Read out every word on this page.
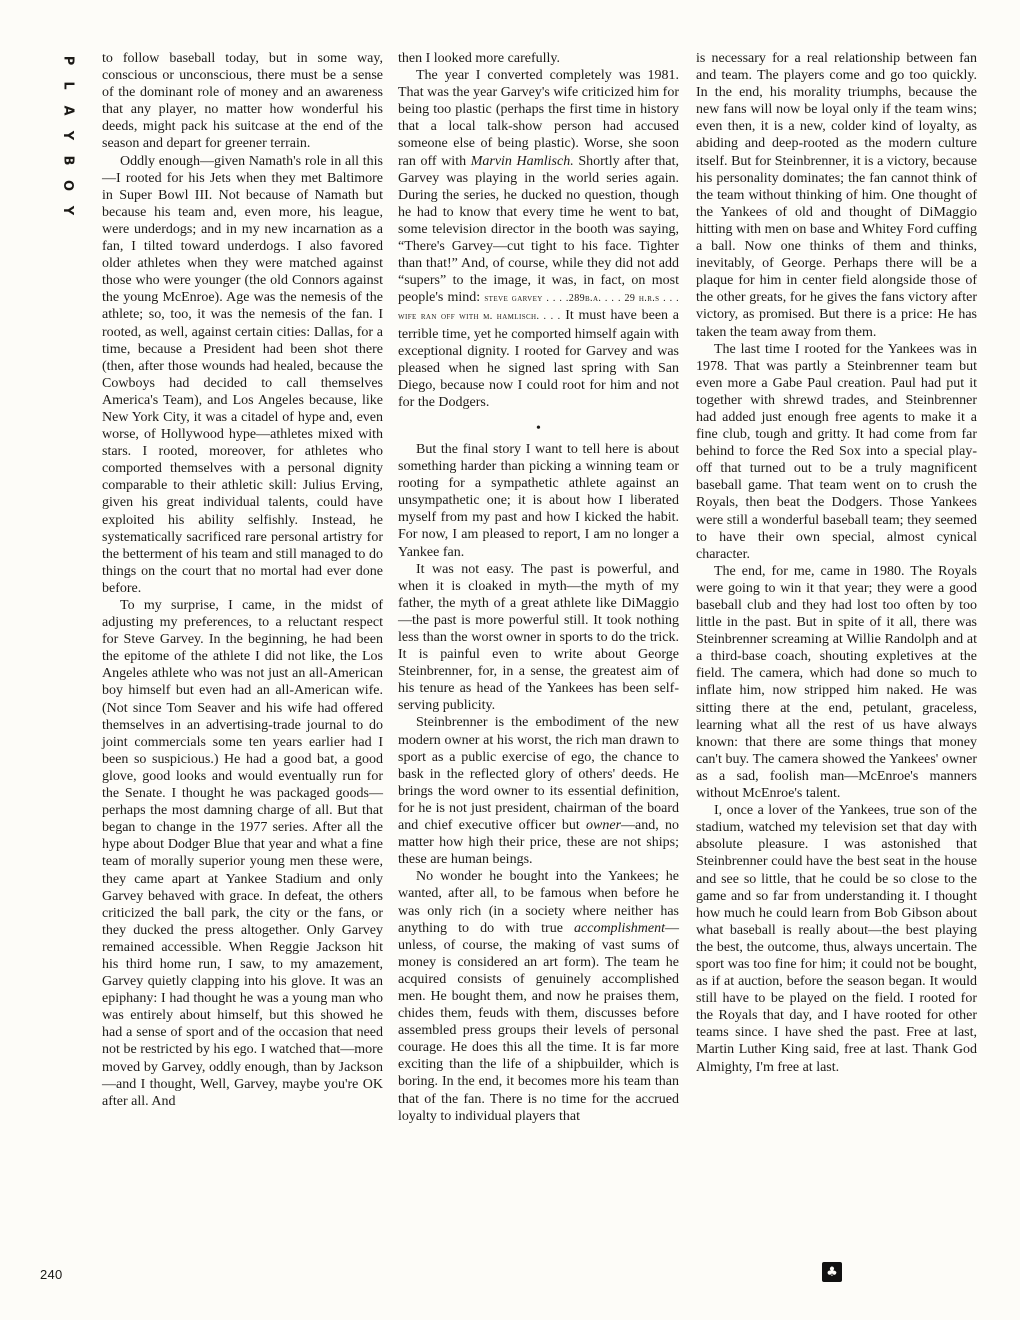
P
L
A
Y
B
O
Y

to follow baseball today, but in some way, conscious or unconscious, there must be a sense of the dominant role of money and an awareness that any player, no matter how wonderful his deeds, might pack his suitcase at the end of the season and depart for greener terrain.

Oddly enough—given Namath's role in all this—I rooted for his Jets when they met Baltimore in Super Bowl III. Not because of Namath but because his team and, even more, his league, were underdogs; and in my new incarnation as a fan, I tilted toward underdogs. I also favored older athletes when they were matched against those who were younger (the old Connors against the young McEnroe). Age was the nemesis of the athlete; so, too, it was the nemesis of the fan. I rooted, as well, against certain cities: Dallas, for a time, because a President had been shot there (then, after those wounds had healed, because the Cowboys had decided to call themselves America's Team), and Los Angeles because, like New York City, it was a citadel of hype and, even worse, of Hollywood hype—athletes mixed with stars. I rooted, moreover, for athletes who comported themselves with a personal dignity comparable to their athletic skill: Julius Erving, given his great individual talents, could have exploited his ability selfishly. Instead, he systematically sacrificed rare personal artistry for the betterment of his team and still managed to do things on the court that no mortal had ever done before.

To my surprise, I came, in the midst of adjusting my preferences, to a reluctant respect for Steve Garvey. In the beginning, he had been the epitome of the athlete I did not like, the Los Angeles athlete who was not just an all-American boy himself but even had an all-American wife. (Not since Tom Seaver and his wife had offered themselves in an advertising-trade journal to do joint commercials some ten years earlier had I been so suspicious.) He had a good bat, a good glove, good looks and would eventually run for the Senate. I thought he was packaged goods—perhaps the most damning charge of all. But that began to change in the 1977 series. After all the hype about Dodger Blue that year and what a fine team of morally superior young men these were, they came apart at Yankee Stadium and only Garvey behaved with grace. In defeat, the others criticized the ball park, the city or the fans, or they ducked the press altogether. Only Garvey remained accessible. When Reggie Jackson hit his third home run, I saw, to my amazement, Garvey quietly clapping into his glove. It was an epiphany: I had thought he was a young man who was entirely about himself, but this showed he had a sense of sport and of the occasion that need not be restricted by his ego. I watched that—more moved by Garvey, oddly enough, than by Jackson—and I thought, Well, Garvey, maybe you're OK after all. And

then I looked more carefully.

The year I converted completely was 1981. That was the year Garvey's wife criticized him for being too plastic (perhaps the first time in history that a local talk-show person had accused someone else of being plastic). Worse, she soon ran off with Marvin Hamlisch. Shortly after that, Garvey was playing in the world series again. During the series, he ducked no question, though he had to know that every time he went to bat, some television director in the booth was saying, “There's Garvey—cut tight to his face. Tighter than that!” And, of course, while they did not add “supers” to the image, it was, in fact, on most people's mind: steve garvey . . . .289b.a. . . . 29 h.r.s . . . wife ran off with m. hamlisch. . . . It must have been a terrible time, yet he comported himself again with exceptional dignity. I rooted for Garvey and was pleased when he signed last spring with San Diego, because now I could root for him and not for the Dodgers.

•

But the final story I want to tell here is about something harder than picking a winning team or rooting for a sympathetic athlete against an unsympathetic one; it is about how I liberated myself from my past and how I kicked the habit. For now, I am pleased to report, I am no longer a Yankee fan.

It was not easy. The past is powerful, and when it is cloaked in myth—the myth of my father, the myth of a great athlete like DiMaggio—the past is more powerful still. It took nothing less than the worst owner in sports to do the trick. It is painful even to write about George Steinbrenner, for, in a sense, the greatest aim of his tenure as head of the Yankees has been self-serving publicity.

Steinbrenner is the embodiment of the new modern owner at his worst, the rich man drawn to sport as a public exercise of ego, the chance to bask in the reflected glory of others' deeds. He brings the word owner to its essential definition, for he is not just president, chairman of the board and chief executive officer but owner—and, no matter how high their price, these are not ships; these are human beings.

No wonder he bought into the Yankees; he wanted, after all, to be famous when before he was only rich (in a society where neither has anything to do with true accomplishment—unless, of course, the making of vast sums of money is considered an art form). The team he acquired consists of genuinely accomplished men. He bought them, and now he praises them, chides them, feuds with them, discusses before assembled press groups their levels of personal courage. He does this all the time. It is far more exciting than the life of a shipbuilder, which is boring. In the end, it becomes more his team than that of the fan. There is no time for the accrued loyalty to individual players that

is necessary for a real relationship between fan and team. The players come and go too quickly. In the end, his morality triumphs, because the new fans will now be loyal only if the team wins; even then, it is a new, colder kind of loyalty, as abiding and deep-rooted as the modern culture itself. But for Steinbrenner, it is a victory, because his personality dominates; the fan cannot think of the team without thinking of him. One thought of the Yankees of old and thought of DiMaggio hitting with men on base and Whitey Ford cuffing a ball. Now one thinks of them and thinks, inevitably, of George. Perhaps there will be a plaque for him in center field alongside those of the other greats, for he gives the fans victory after victory, as promised. But there is a price: He has taken the team away from them.

The last time I rooted for the Yankees was in 1978. That was partly a Steinbrenner team but even more a Gabe Paul creation. Paul had put it together with shrewd trades, and Steinbrenner had added just enough free agents to make it a fine club, tough and gritty. It had come from far behind to force the Red Sox into a special play-off that turned out to be a truly magnificent baseball game. That team went on to crush the Royals, then beat the Dodgers. Those Yankees were still a wonderful baseball team; they seemed to have their own special, almost cynical character.

The end, for me, came in 1980. The Royals were going to win it that year; they were a good baseball club and they had lost too often by too little in the past. But in spite of it all, there was Steinbrenner screaming at Willie Randolph and at a third-base coach, shouting expletives at the field. The camera, which had done so much to inflate him, now stripped him naked. He was sitting there at the end, petulant, graceless, learning what all the rest of us have always known: that there are some things that money can't buy. The camera showed the Yankees' owner as a sad, foolish man—McEnroe's manners without McEnroe's talent.

I, once a lover of the Yankees, true son of the stadium, watched my television set that day with absolute pleasure. I was astonished that Steinbrenner could have the best seat in the house and see so little, that he could be so close to the game and so far from understanding it. I thought how much he could learn from Bob Gibson about what baseball is really about—the best playing the best, the outcome, thus, always uncertain. The sport was too fine for him; it could not be bought, as if at auction, before the season began. It would still have to be played on the field. I rooted for the Royals that day, and I have rooted for other teams since. I have shed the past. Free at last, Martin Luther King said, free at last. Thank God Almighty, I'm free at last.

240	♣
